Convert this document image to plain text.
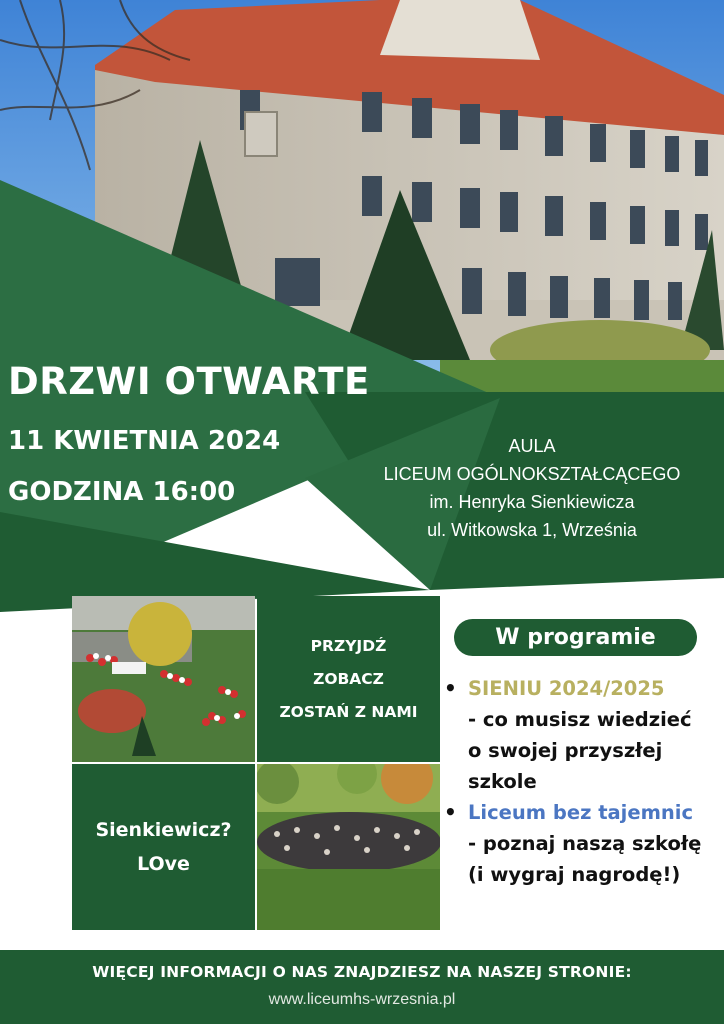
DRZWI OTWARTE
11 KWIETNIA 2024
GODZINA 16:00
AULA
LICEUM OGÓLNOKSZTAŁCĄCEGO
im. Henryka Sienkiewicza
ul. Witkowska 1, Września
PRZYJDŹ
ZOBACZ
ZOSTAŃ Z NAMI
Sienkiewicz?
LOve
W programie
• SIENIU 2024/2025
- co musisz wiedzieć
o swojej przyszłej
szkole
• Liceum bez tajemnic
- poznaj naszą szkołę
(i wygraj nagrodę!)
WIĘCEJ INFORMACJI O NAS ZNAJDZIESZ NA NASZEJ STRONIE:
www.liceumhs-wrzesnia.pl
